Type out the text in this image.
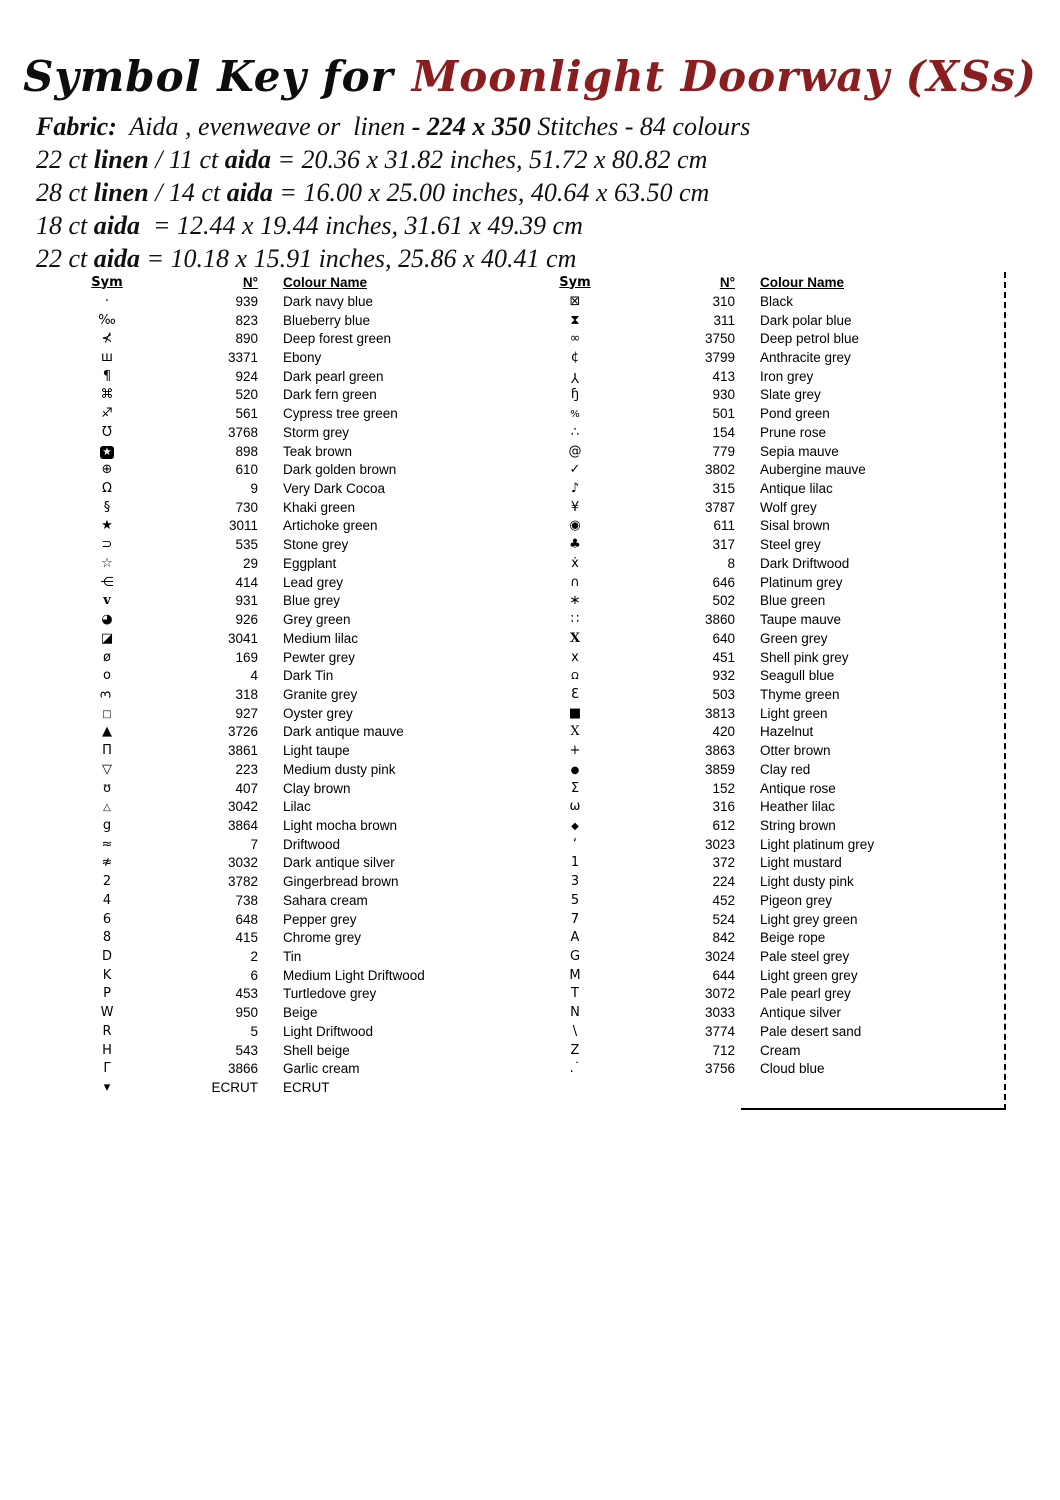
Symbol Key for Moonlight Doorway (XSs)
Fabric:  Aida , evenweave or  linen - 224 x 350 Stitches - 84 colours
22 ct linen / 11 ct aida = 20.36 x 31.82 inches, 51.72 x 80.82 cm
28 ct linen / 14 ct aida = 16.00 x 25.00 inches, 40.64 x 63.50 cm
18 ct aida  = 12.44 x 19.44 inches, 31.61 x 49.39 cm
22 ct aida = 10.18 x 15.91 inches, 25.86 x 40.41 cm
Sym	N°	Colour Name
·	939	Dark navy blue
‰	823	Blueberry blue
⊀	890	Deep forest green
ш	3371	Ebony
¶	924	Dark pearl green
⌘	520	Dark fern green
♐	561	Cypress tree green
Ʊ	3768	Storm grey
★	898	Teak brown
⊕	610	Dark golden brown
Ω	9	Very Dark Cocoa
§	730	Khaki green
★	3011	Artichoke green
⊃	535	Stone grey
☆	29	Eggplant
⋲	414	Lead grey
v	931	Blue grey
◕	926	Grey green
◪	3041	Medium lilac
ø	169	Pewter grey
o	4	Dark Tin
3	318	Granite grey
□	927	Oyster grey
▲	3726	Dark antique mauve
Π	3861	Light taupe
▽	223	Medium dusty pink
ʊ	407	Clay brown
△	3042	Lilac
g	3864	Light mocha brown
≈	7	Driftwood
≉	3032	Dark antique silver
2	3782	Gingerbread brown
4	738	Sahara cream
6	648	Pepper grey
8	415	Chrome grey
D	2	Tin
K	6	Medium Light Driftwood
P	453	Turtledove grey
W	950	Beige
R	5	Light Driftwood
H	543	Shell beige
Γ	3866	Garlic cream
▾	ECRUT	ECRUT
Sym	N°	Colour Name
⊠	310	Black
⧗	311	Dark polar blue
∞	3750	Deep petrol blue
¢	3799	Anthracite grey
Y	413	Iron grey
ɧ	930	Slate grey
%	501	Pond green
∴	154	Prune rose
@	779	Sepia mauve
✓	3802	Aubergine mauve
♪	315	Antique lilac
¥	3787	Wolf grey
◉	611	Sisal brown
♣	317	Steel grey
ẋ	8	Dark Driftwood
∩	646	Platinum grey
∗	502	Blue green
∷	3860	Taupe mauve
X	640	Green grey
x	451	Shell pink grey
Ω	932	Seagull blue
Ɛ	503	Thyme green
■	3813	Light green
X	420	Hazelnut
+	3863	Otter brown
●	3859	Clay red
Σ	152	Antique rose
ω	316	Heather lilac
◆	612	String brown
‘	3023	Light platinum grey
1	372	Light mustard
3	224	Light dusty pink
5	452	Pigeon grey
7	524	Light grey green
A	842	Beige rope
G	3024	Pale steel grey
M	644	Light green grey
T	3072	Pale pearl grey
N	3033	Antique silver
\	3774	Pale desert sand
Z	712	Cream
.˙	3756	Cloud blue
